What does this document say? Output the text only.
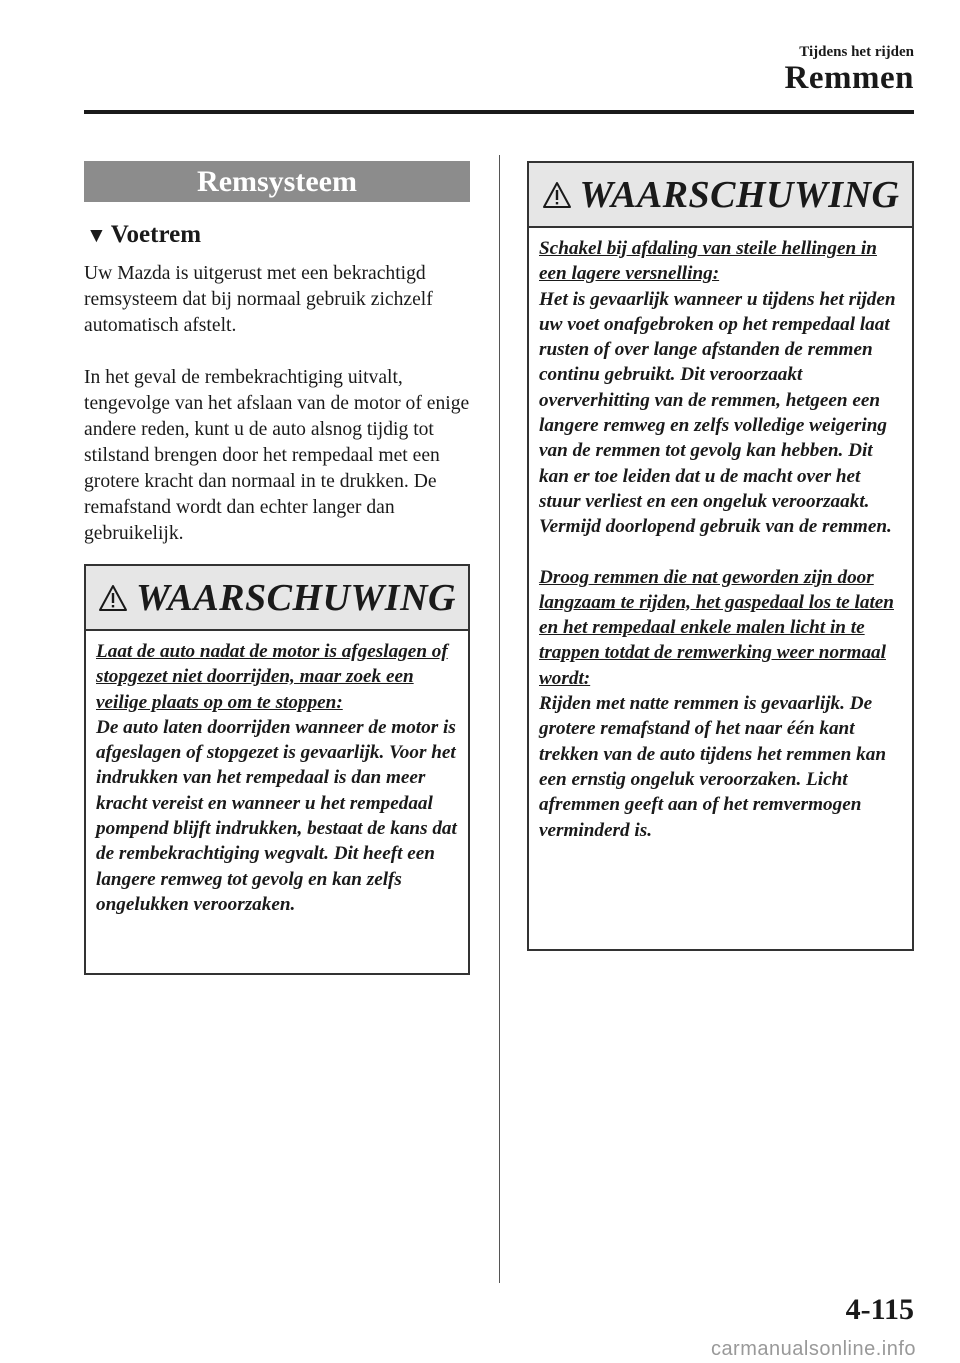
Tijdens het rijden
Remmen
Remsysteem
▼ Voetrem

Uw Mazda is uitgerust met een bekrachtigd remsysteem dat bij normaal gebruik zichzelf automatisch afstelt.

In het geval de rembekrachtiging uitvalt, tengevolge van het afslaan van de motor of enige andere reden, kunt u de auto alsnog tijdig tot stilstand brengen door het rempedaal met een grotere kracht dan normaal in te drukken. De remafstand wordt dan echter langer dan gebruikelijk.

WAARSCHUWING
Laat de auto nadat de motor is afgeslagen of stopgezet niet doorrijden, maar zoek een veilige plaats op om te stoppen:
De auto laten doorrijden wanneer de motor is afgeslagen of stopgezet is gevaarlijk. Voor het indrukken van het rempedaal is dan meer kracht vereist en wanneer u het rempedaal pompend blijft indrukken, bestaat de kans dat de rembekrachtiging wegvalt. Dit heeft een langere remweg tot gevolg en kan zelfs ongelukken veroorzaken.
WAARSCHUWING
Schakel bij afdaling van steile hellingen in een lagere versnelling:
Het is gevaarlijk wanneer u tijdens het rijden uw voet onafgebroken op het rempedaal laat rusten of over lange afstanden de remmen continu gebruikt. Dit veroorzaakt oververhitting van de remmen, hetgeen een langere remweg en zelfs volledige weigering van de remmen tot gevolg kan hebben. Dit kan er toe leiden dat u de macht over het stuur verliest en een ongeluk veroorzaakt. Vermijd doorlopend gebruik van de remmen.
Droog remmen die nat geworden zijn door langzaam te rijden, het gaspedaal los te laten en het rempedaal enkele malen licht in te trappen totdat de remwerking weer normaal wordt:
Rijden met natte remmen is gevaarlijk. De grotere remafstand of het naar één kant trekken van de auto tijdens het remmen kan een ernstig ongeluk veroorzaken. Licht afremmen geeft aan of het remvermogen verminderd is.
4-115
carmanualsonline.info
